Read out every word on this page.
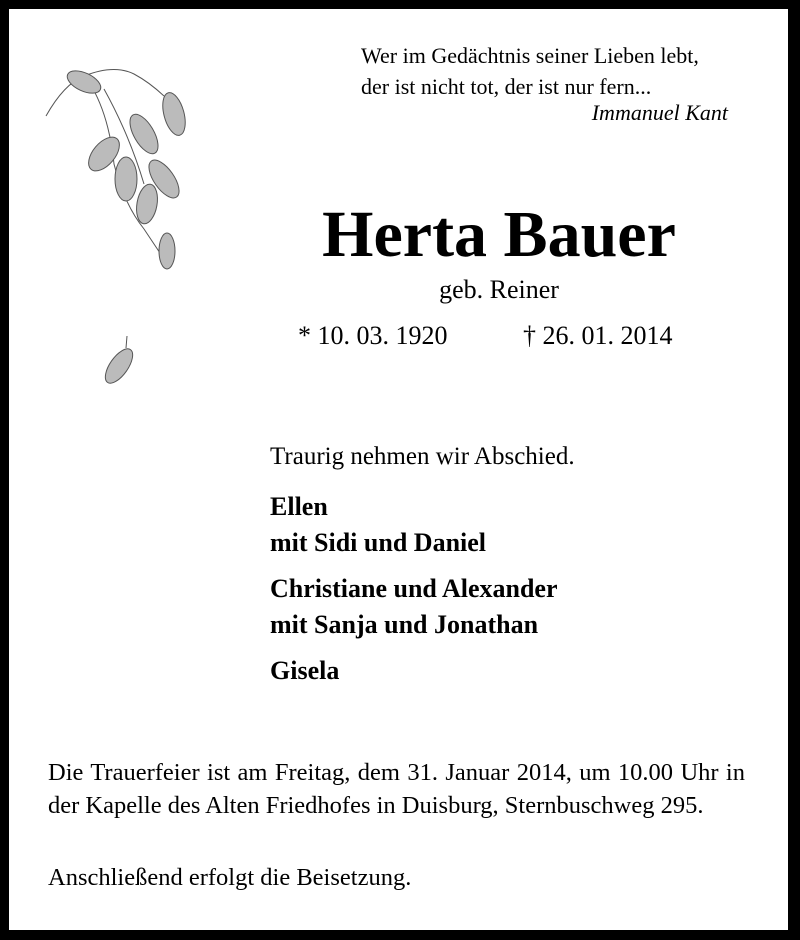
Wer im Gedächtnis seiner Lieben lebt,
der ist nicht tot, der ist nur fern...
Immanuel Kant
Herta Bauer
geb. Reiner
* 10. 03. 1920	† 26. 01. 2014
Traurig nehmen wir Abschied.
Ellen
mit Sidi und Daniel
Christiane und Alexander
mit Sanja und Jonathan
Gisela
Die Trauerfeier ist am Freitag, dem 31. Januar 2014, um 10.00 Uhr in der Kapelle des Alten Friedhofes in Duisburg, Sternbuschweg 295.
Anschließend erfolgt die Beisetzung.
